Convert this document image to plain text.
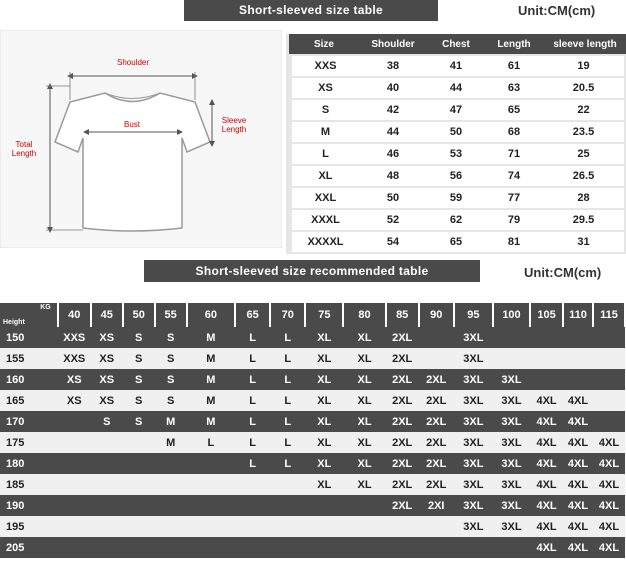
Short-sleeved size table	Unit:CM(cm)
Shoulder
Bust	Sleeve
Length
Total
Length
Size	Shoulder	Chest	Length	sleeve length
XXS	38	41	61	19
XS	40	44	63	20.5
S	42	47	65	22
M	44	50	68	23.5
L	46	53	71	25
XL	48	56	74	26.5
XXL	50	59	77	28
XXXL	52	62	79	29.5
XXXXL	54	65	81	31
Short-sleeved size recommended table	Unit:CM(cm)
KG
Height	40	45	50	55	60	65	70	75	80	85	90	95	100	105	110	115
150	XXS	XS	S	S	M	L	L	XL	XL	2XL		3XL				
155	XXS	XS	S	S	M	L	L	XL	XL	2XL		3XL				
160	XS	XS	S	S	M	L	L	XL	XL	2XL	2XL	3XL	3XL			
165	XS	XS	S	S	M	L	L	XL	XL	2XL	2XL	3XL	3XL	4XL	4XL	
170		S	S	M	M	L	L	XL	XL	2XL	2XL	3XL	3XL	4XL	4XL	
175				M	L	L	L	XL	XL	2XL	2XL	3XL	3XL	4XL	4XL	4XL
180						L	L	XL	XL	2XL	2XL	3XL	3XL	4XL	4XL	4XL
185								XL	XL	2XL	2XL	3XL	3XL	4XL	4XL	4XL
190										2XL	2XI	3XL	3XL	4XL	4XL	4XL
195												3XL	3XL	4XL	4XL	4XL
205														4XL	4XL	4XL
